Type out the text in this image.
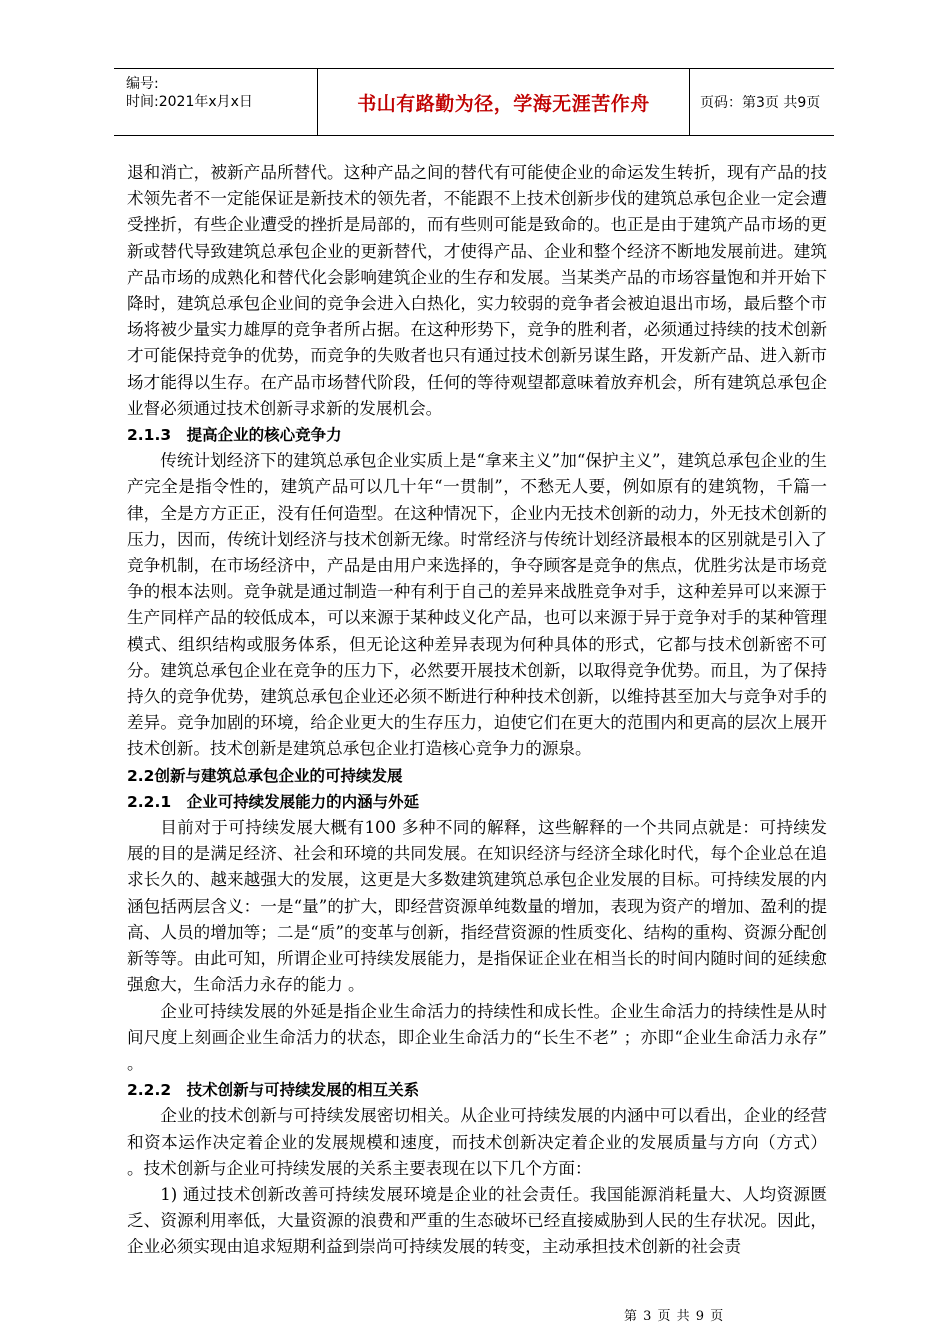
编号:
时间:2021年x月x日	书山有路勤为径，学海无涯苦作舟	页码：第3页 共9页

退和消亡，被新产品所替代。这种产品之间的替代有可能使企业的命运发生转折，现有产品的技术领先者不一定能保证是新技术的领先者，不能跟不上技术创新步伐的建筑总承包企业一定会遭受挫折，有些企业遭受的挫折是局部的，而有些则可能是致命的。也正是由于建筑产品市场的更新或替代导致建筑总承包企业的更新替代，才使得产品、企业和整个经济不断地发展前进。建筑产品市场的成熟化和替代化会影响建筑企业的生存和发展。当某类产品的市场容量饱和并开始下降时，建筑总承包企业间的竞争会进入白热化，实力较弱的竞争者会被迫退出市场，最后整个市场将被少量实力雄厚的竞争者所占据。在这种形势下，竞争的胜利者，必须通过持续的技术创新才可能保持竞争的优势，而竞争的失败者也只有通过技术创新另谋生路，开发新产品、进入新市场才能得以生存。在产品市场替代阶段，任何的等待观望都意味着放弃机会，所有建筑总承包企业督必须通过技术创新寻求新的发展机会。

2.1.3　提高企业的核心竞争力

传统计划经济下的建筑总承包企业实质上是“拿来主义”加“保护主义”，建筑总承包企业的生产完全是指令性的，建筑产品可以几十年“一贯制”，不愁无人要，例如原有的建筑物，千篇一律，全是方方正正，没有任何造型。在这种情况下，企业内无技术创新的动力，外无技术创新的压力，因而，传统计划经济与技术创新无缘。时常经济与传统计划经济最根本的区别就是引入了竞争机制，在市场经济中，产品是由用户来选择的，争夺顾客是竞争的焦点，优胜劣汰是市场竞争的根本法则。竞争就是通过制造一种有利于自己的差异来战胜竞争对手，这种差异可以来源于生产同样产品的较低成本，可以来源于某种歧义化产品，也可以来源于异于竞争对手的某种管理模式、组织结构或服务体系，但无论这种差异表现为何种具体的形式，它都与技术创新密不可分。建筑总承包企业在竞争的压力下，必然要开展技术创新，以取得竞争优势。而且，为了保持持久的竞争优势，建筑总承包企业还必须不断进行种种技术创新，以维持甚至加大与竞争对手的差异。竞争加剧的环境，给企业更大的生存压力，迫使它们在更大的范围内和更高的层次上展开技术创新。技术创新是建筑总承包企业打造核心竞争力的源泉。

2.2创新与建筑总承包企业的可持续发展

2.2.1　企业可持续发展能力的内涵与外延

目前对于可持续发展大概有100 多种不同的解释，这些解释的一个共同点就是：可持续发展的目的是满足经济、社会和环境的共同发展。在知识经济与经济全球化时代，每个企业总在追求长久的、越来越强大的发展，这更是大多数建筑建筑总承包企业发展的目标。可持续发展的内涵包括两层含义：一是“量”的扩大，即经营资源单纯数量的增加，表现为资产的增加、盈利的提高、人员的增加等；二是“质”的变革与创新，指经营资源的性质变化、结构的重构、资源分配创新等等。由此可知，所谓企业可持续发展能力，是指保证企业在相当长的时间内随时间的延续愈强愈大，生命活力永存的能力 。

企业可持续发展的外延是指企业生命活力的持续性和成长性。企业生命活力的持续性是从时间尺度上刻画企业生命活力的状态，即企业生命活力的“长生不老” ；亦即“企业生命活力永存” 。

2.2.2　技术创新与可持续发展的相互关系

企业的技术创新与可持续发展密切相关。从企业可持续发展的内涵中可以看出，企业的经营和资本运作决定着企业的发展规模和速度，而技术创新决定着企业的发展质量与方向（方式） 。技术创新与企业可持续发展的关系主要表现在以下几个方面：

1) 通过技术创新改善可持续发展环境是企业的社会责任。我国能源消耗量大、人均资源匮乏、资源利用率低，大量资源的浪费和严重的生态破坏已经直接威胁到人民的生存状况。因此，企业必须实现由追求短期利益到崇尚可持续发展的转变，主动承担技术创新的社会责

第 3 页 共 9 页
